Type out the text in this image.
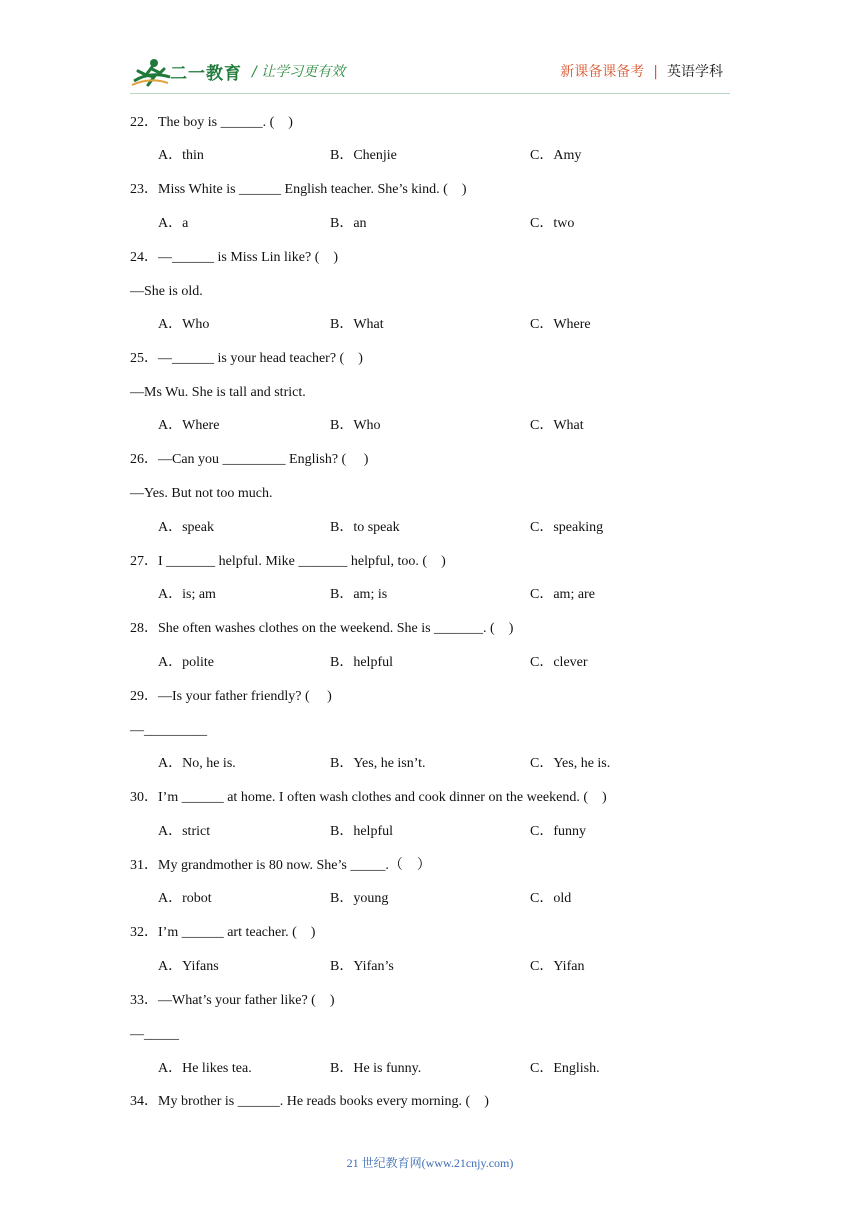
二一教育 / 让学习更有效	新课备课备考 | 英语学科
22．The boy is ______. (　)
A．thin	B．Chenjie	C．Amy
23．Miss White is ______ English teacher. She’s kind. (　)
A．a	B．an	C．two
24．—______ is Miss Lin like? (　)
—She is old.
A．Who	B．What	C．Where
25．—______ is your head teacher? (　)
—Ms Wu. She is tall and strict.
A．Where	B．Who	C．What
26．—Can you _________ English? (　 )
—Yes. But not too much.
A．speak	B．to speak	C．speaking
27．I _______ helpful. Mike _______ helpful, too. (　)
A．is; am	B．am; is	C．am; are
28．She often washes clothes on the weekend. She is _______. (　)
A．polite	B．helpful	C．clever
29．—Is your father friendly? (　 )
—_________
A．No, he is.	B．Yes, he isn’t.	C．Yes, he is.
30．I’m ______ at home. I often wash clothes and cook dinner on the weekend. (　)
A．strict	B．helpful	C．funny
31．My grandmother is 80 now. She’s _____.（　）
A．robot	B．young	C．old
32．I’m ______ art teacher. (　)
A．Yifans	B．Yifan’s	C．Yifan
33．—What’s your father like? (　)
—_____
A．He likes tea.	B．He is funny.	C．English.
34．My brother is ______. He reads books every morning. (　)
21 世纪教育网(www.21cnjy.com)
